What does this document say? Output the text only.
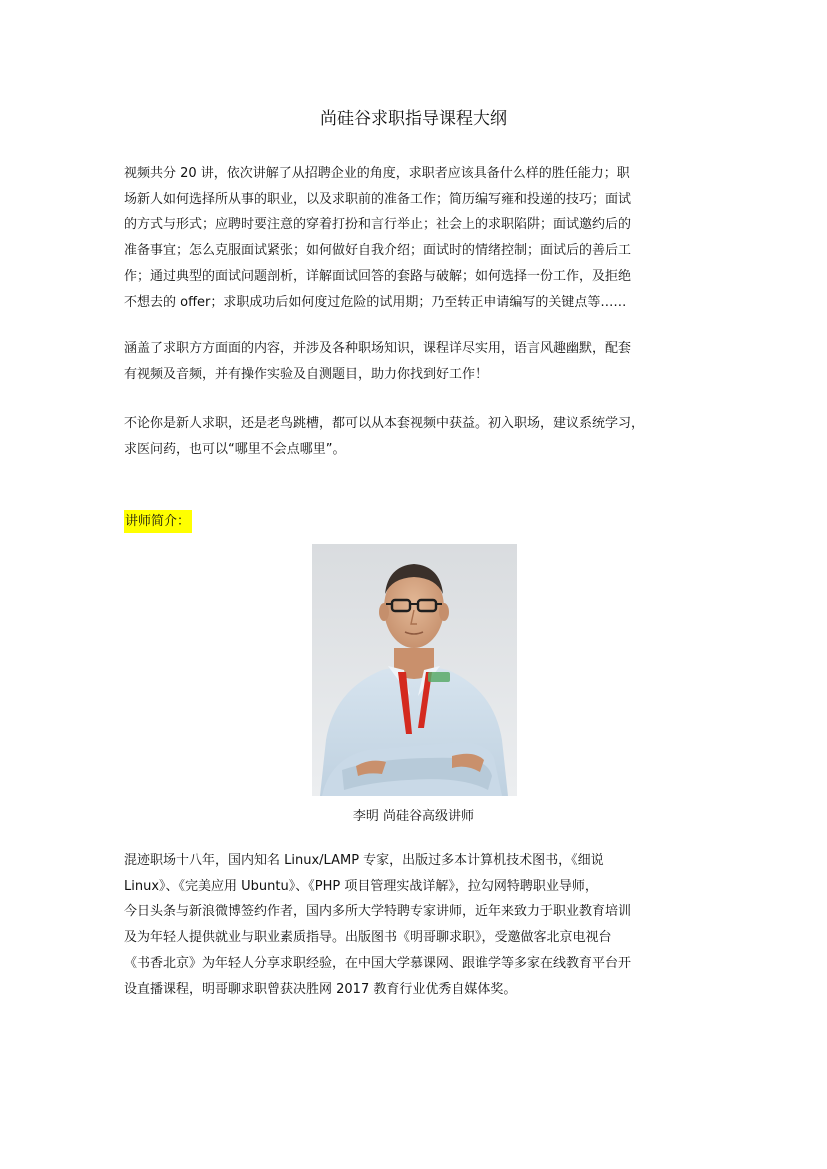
尚硅谷求职指导课程大纲

视频共分 20 讲，依次讲解了从招聘企业的角度，求职者应该具备什么样的胜任能力；职
场新人如何选择所从事的职业，以及求职前的准备工作；简历编写雍和投递的技巧；面试
的方式与形式；应聘时要注意的穿着打扮和言行举止；社会上的求职陷阱；面试邀约后的
准备事宜；怎么克服面试紧张；如何做好自我介绍；面试时的情绪控制；面试后的善后工
作；通过典型的面试问题剖析，详解面试回答的套路与破解；如何选择一份工作，及拒绝
不想去的 offer；求职成功后如何度过危险的试用期；乃至转正申请编写的关键点等……

涵盖了求职方方面面的内容，并涉及各种职场知识，课程详尽实用，语言风趣幽默，配套
有视频及音频，并有操作实验及自测题目，助力你找到好工作！

不论你是新人求职，还是老鸟跳槽，都可以从本套视频中获益。初入职场，建议系统学习，
求医问药，也可以“哪里不会点哪里”。

讲师简介：

李明 尚硅谷高级讲师

混迹职场十八年，国内知名 Linux/LAMP 专家，出版过多本计算机技术图书，《细说
Linux》、《完美应用 Ubuntu》、《PHP 项目管理实战详解》，拉勾网特聘职业导师，
今日头条与新浪微博签约作者，国内多所大学特聘专家讲师，近年来致力于职业教育培训
及为年轻人提供就业与职业素质指导。出版图书《明哥聊求职》，受邀做客北京电视台
《书香北京》为年轻人分享求职经验，在中国大学慕课网、跟谁学等多家在线教育平台开
设直播课程，明哥聊求职曾获决胜网 2017 教育行业优秀自媒体奖。
